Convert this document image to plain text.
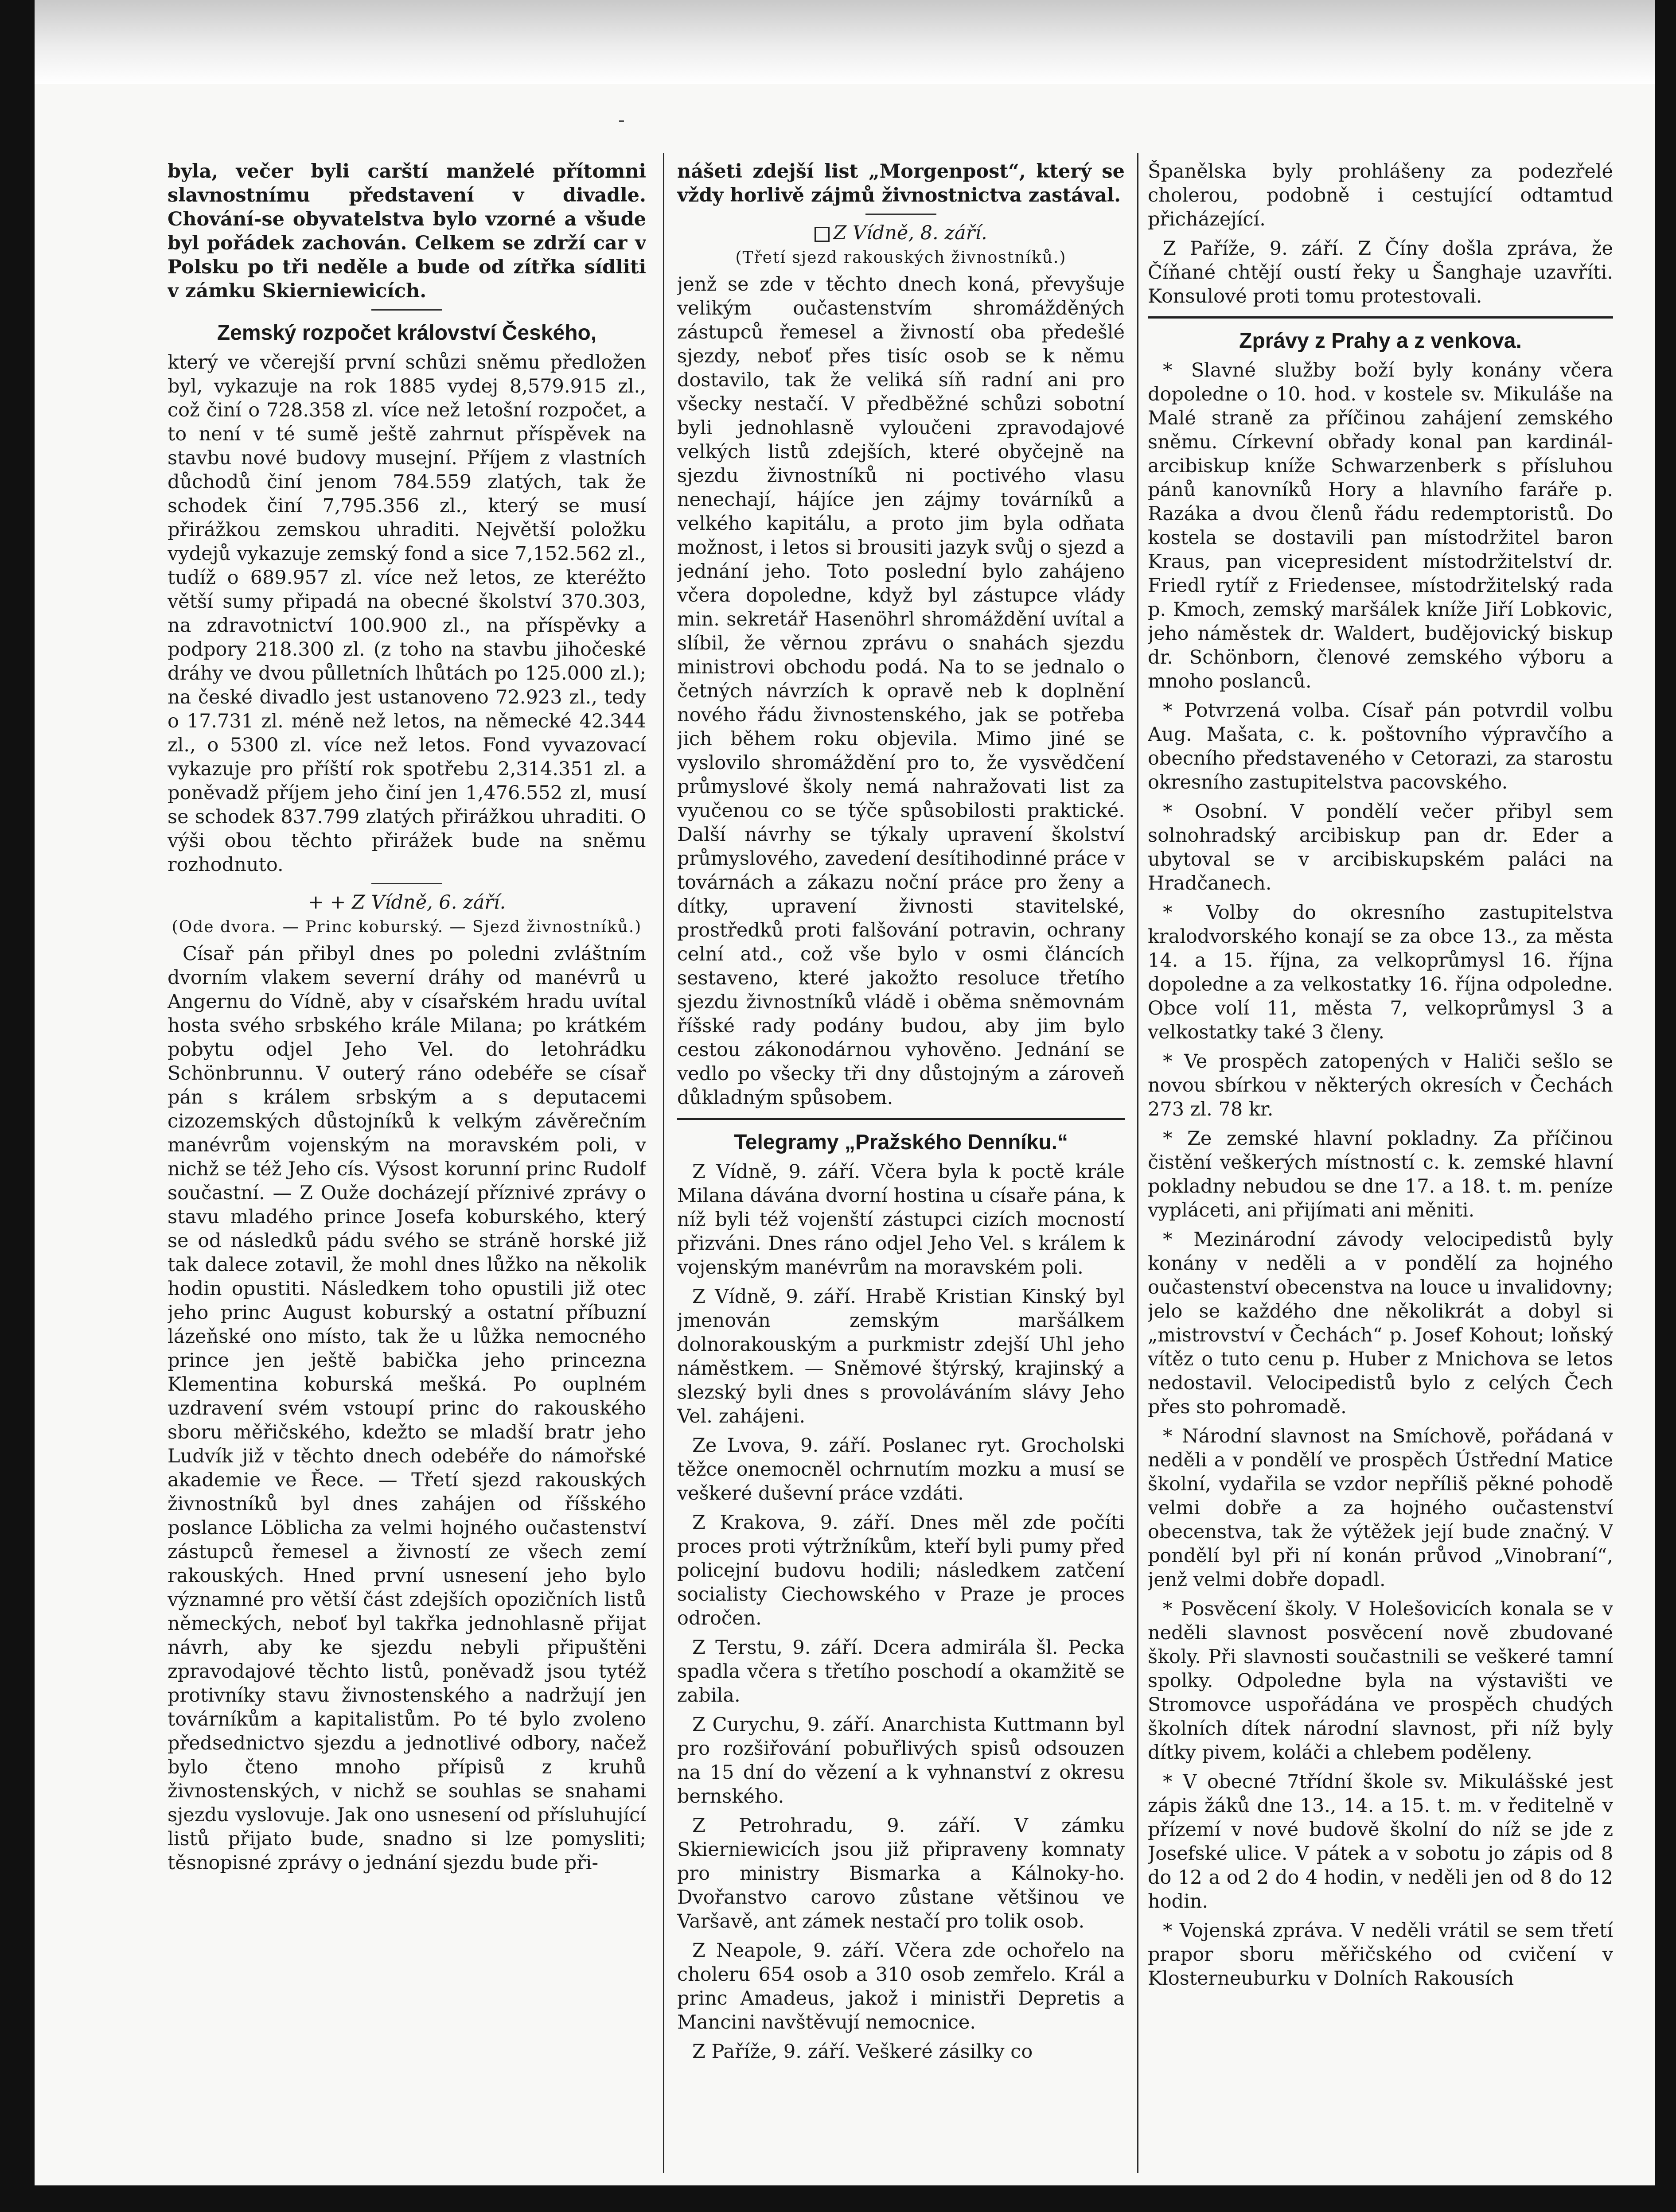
-

byla, večer byli carští manželé přítomni slavnostnímu představení v divadle. Chování-se obyvatelstva bylo vzorné a všude byl pořádek zachován. Celkem se zdrží car v Polsku po tři neděle a bude od zítřka sídliti v zámku Skierniewicích.

Zemský rozpočet království Českého,

který ve včerejší první schůzi sněmu předložen byl, vykazuje na rok 1885 vydej 8,579.915 zl., což činí o 728.358 zl. více než letošní rozpočet, a to není v té sumě ještě zahrnut příspěvek na stavbu nové budovy musejní. Příjem z vlastních důchodů činí jenom 784.559 zlatých, tak že schodek činí 7,795.356 zl., který se musí přirážkou zemskou uhraditi. Největší položku vydejů vykazuje zemský fond a sice 7,152.562 zl., tudíž o 689.957 zl. více než letos, ze kteréžto větší sumy připadá na obecné školství 370.303, na zdravotnictví 100.900 zl., na příspěvky a podpory 218.300 zl. (z toho na stavbu jihočeské dráhy ve dvou půlletních lhůtách po 125.000 zl.); na české divadlo jest ustanoveno 72.923 zl., tedy o 17.731 zl. méně než letos, na německé 42.344 zl., o 5300 zl. více než letos. Fond vyvazovací vykazuje pro příští rok spotřebu 2,314.351 zl. a poněvadž příjem jeho činí jen 1,476.552 zl, musí se schodek 837.799 zlatých přirážkou uhraditi. O výši obou těchto přirážek bude na sněmu rozhodnuto.

+ + Z Vídně, 6. září.
(Ode dvora. — Princ koburský. — Sjezd živnostníků.)

Císař pán přibyl dnes po poledni zvláštním dvorním vlakem severní dráhy od manévrů u Angernu do Vídně, aby v císařském hradu uvítal hosta svého srbského krále Milana; po krátkém pobytu odjel Jeho Vel. do letohrádku Schönbrunnu. V outerý ráno odebéře se císař pán s králem srbským a s deputacemi cizozemských důstojníků k velkým závěrečním manévrům vojenským na moravském poli, v nichž se též Jeho cís. Výsost korunní princ Rudolf součastní. — Z Ouže docházejí příznivé zprávy o stavu mladého prince Josefa koburského, který se od následků pádu svého se stráně horské již tak dalece zotavil, že mohl dnes lůžko na několik hodin opustiti. Následkem toho opustili již otec jeho princ August koburský a ostatní příbuzní lázeňské ono místo, tak že u lůžka nemocného prince jen ještě babička jeho princezna Klementina koburská mešká. Po ouplném uzdravení svém vstoupí princ do rakouského sboru měřičského, kdežto se mladší bratr jeho Ludvík již v těchto dnech odebéře do námořské akademie ve Řece. — Třetí sjezd rakouských živnostníků byl dnes zahájen od říšského poslance Löblicha za velmi hojného oučastenství zástupců řemesel a živností ze všech zemí rakouských. Hned první usnesení jeho bylo významné pro větší část zdejších opozičních listů německých, neboť byl takřka jednohlasně přijat návrh, aby ke sjezdu nebyli připuštěni zpravodajové těchto listů, poněvadž jsou tytéž protivníky stavu živnostenského a nadržují jen továrníkům a kapitalistům. Po té bylo zvoleno předsednictvo sjezdu a jednotlivé odbory, načež bylo čteno mnoho přípisů z kruhů živnostenských, v nichž se souhlas se snahami sjezdu vyslovuje. Jak ono usnesení od přísluhující listů přijato bude, snadno si lze pomysliti; těsnopisné zprávy o jednání sjezdu bude při-

nášeti zdejší list „Morgenpost“, který se vždy horlivě zájmů živnostnictva zastával.

Z Vídně, 8. září.
(Třetí sjezd rakouských živnostníků.)

jenž se zde v těchto dnech koná, převyšuje velikým oučastenstvím shromážděných zástupců řemesel a živností oba předešlé sjezdy, neboť přes tisíc osob se k němu dostavilo, tak že veliká síň radní ani pro všecky nestačí. V předběžné schůzi sobotní byli jednohlasně vyloučeni zpravodajové velkých listů zdejších, které obyčejně na sjezdu živnostníků ni poctivého vlasu nenechají, hájíce jen zájmy továrníků a velkého kapitálu, a proto jim byla odňata možnost, i letos si brousiti jazyk svůj o sjezd a jednání jeho. Toto poslední bylo zahájeno včera dopoledne, když byl zástupce vlády min. sekretář Hasenöhrl shromáždění uvítal a slíbil, že věrnou zprávu o snahách sjezdu ministrovi obchodu podá. Na to se jednalo o četných návrzích k opravě neb k doplnění nového řádu živnostenského, jak se potřeba jich během roku objevila. Mimo jiné se vyslovilo shromáždění pro to, že vysvědčení průmyslové školy nemá nahražovati list za vyučenou co se týče spůsobilosti praktické. Další návrhy se týkaly upravení školství průmyslového, zavedení desítihodinné práce v továrnách a zákazu noční práce pro ženy a dítky, upravení živnosti stavitelské, prostředků proti falšování potravin, ochrany celní atd., což vše bylo v osmi článcích sestaveno, které jakožto resoluce třetího sjezdu živnostníků vládě i oběma sněmovnám říšské rady podány budou, aby jim bylo cestou zákonodárnou vyhověno. Jednání se vedlo po všecky tři dny důstojným a zároveň důkladným spůsobem.

Telegramy „Pražského Denníku.“

Z Vídně, 9. září. Včera byla k poctě krále Milana dávána dvorní hostina u císaře pána, k níž byli též vojenští zástupci cizích mocností přizváni. Dnes ráno odjel Jeho Vel. s králem k vojenským manévrům na moravském poli.

Z Vídně, 9. září. Hrabě Kristian Kinský byl jmenován zemským maršálkem dolnorakouským a purkmistr zdejší Uhl jeho náměstkem. — Sněmové štýrský, krajinský a slezský byli dnes s provoláváním slávy Jeho Vel. zahájeni.

Ze Lvova, 9. září. Poslanec ryt. Grocholski těžce onemocněl ochrnutím mozku a musí se veškeré duševní práce vzdáti.

Z Krakova, 9. září. Dnes měl zde počíti proces proti výtržníkům, kteří byli pumy před policejní budovu hodili; následkem zatčení socialisty Ciechowského v Praze je proces odročen.

Z Terstu, 9. září. Dcera admirála šl. Pecka spadla včera s třetího poschodí a okamžitě se zabila.

Z Curychu, 9. září. Anarchista Kuttmann byl pro rozšiřování pobuřlivých spisů odsouzen na 15 dní do vězení a k vyhnanství z okresu bernského.

Z Petrohradu, 9. září. V zámku Skierniewicích jsou již připraveny komnaty pro ministry Bismarka a Kálnoky-ho. Dvořanstvo carovo zůstane většinou ve Varšavě, ant zámek nestačí pro tolik osob.

Z Neapole, 9. září. Včera zde ochořelo na choleru 654 osob a 310 osob zemřelo. Král a princ Amadeus, jakož i ministři Depretis a Mancini navštěvují nemocnice.

Z Paříže, 9. září. Veškeré zásilky co

Španělska byly prohlášeny za podezřelé cholerou, podobně i cestující odtamtud přicházející.

Z Paříže, 9. září. Z Číny došla zpráva, že Číňané chtějí oustí řeky u Šanghaje uzavříti. Konsulové proti tomu protestovali.

Zprávy z Prahy a z venkova.

* Slavné služby boží byly konány včera dopoledne o 10. hod. v kostele sv. Mikuláše na Malé straně za příčinou zahájení zemského sněmu. Církevní obřady konal pan kardinál-arcibiskup kníže Schwarzenberk s přísluhou pánů kanovníků Hory a hlavního faráře p. Razáka a dvou členů řádu redemptoristů. Do kostela se dostavili pan místodržitel baron Kraus, pan vicepresident místodržitelství dr. Friedl rytíř z Friedensee, místodržitelský rada p. Kmoch, zemský maršálek kníže Jiří Lobkovic, jeho náměstek dr. Waldert, budějovický biskup dr. Schönborn, členové zemského výboru a mnoho poslanců.

* Potvrzená volba. Císař pán potvrdil volbu Aug. Mašata, c. k. poštovního výpravčího a obecního představeného v Cetorazi, za starostu okresního zastupitelstva pacovského.

* Osobní. V pondělí večer přibyl sem solnohradský arcibiskup pan dr. Eder a ubytoval se v arcibiskupském paláci na Hradčanech.

* Volby do okresního zastupitelstva kralodvorského konají se za obce 13., za města 14. a 15. října, za velkoprůmysl 16. října dopoledne a za velkostatky 16. října odpoledne. Obce volí 11, města 7, velkoprůmysl 3 a velkostatky také 3 členy.

* Ve prospěch zatopených v Haliči sešlo se novou sbírkou v některých okresích v Čechách 273 zl. 78 kr.

* Ze zemské hlavní pokladny. Za příčinou čistění veškerých místností c. k. zemské hlavní pokladny nebudou se dne 17. a 18. t. m. peníze vypláceti, ani přijímati ani měniti.

* Mezinárodní závody velocipedistů byly konány v neděli a v pondělí za hojného oučastenství obecenstva na louce u invalidovny; jelo se každého dne několikrát a dobyl si „mistrovství v Čechách“ p. Josef Kohout; loňský vítěz o tuto cenu p. Huber z Mnichova se letos nedostavil. Velocipedistů bylo z celých Čech přes sto pohromadě.

* Národní slavnost na Smíchově, pořádaná v neděli a v pondělí ve prospěch Ústřední Matice školní, vydařila se vzdor nepříliš pěkné pohodě velmi dobře a za hojného oučastenství obecenstva, tak že výtěžek její bude značný. V pondělí byl při ní konán průvod „Vinobraní“, jenž velmi dobře dopadl.

* Posvěcení školy. V Holešovicích konala se v neděli slavnost posvěcení nově zbudované školy. Při slavnosti součastnili se veškeré tamní spolky. Odpoledne byla na výstavišti ve Stromovce uspořádána ve prospěch chudých školních dítek národní slavnost, při níž byly dítky pivem, koláči a chlebem poděleny.

* V obecné 7třídní škole sv. Mikulášské jest zápis žáků dne 13., 14. a 15. t. m. v ředitelně v přízemí v nové budově školní do níž se jde z Josefské ulice. V pátek a v sobotu jo zápis od 8 do 12 a od 2 do 4 hodin, v neděli jen od 8 do 12 hodin.

* Vojenská zpráva. V neděli vrátil se sem třetí prapor sboru měřičského od cvičení v Klosterneuburku v Dolních Rakousích
